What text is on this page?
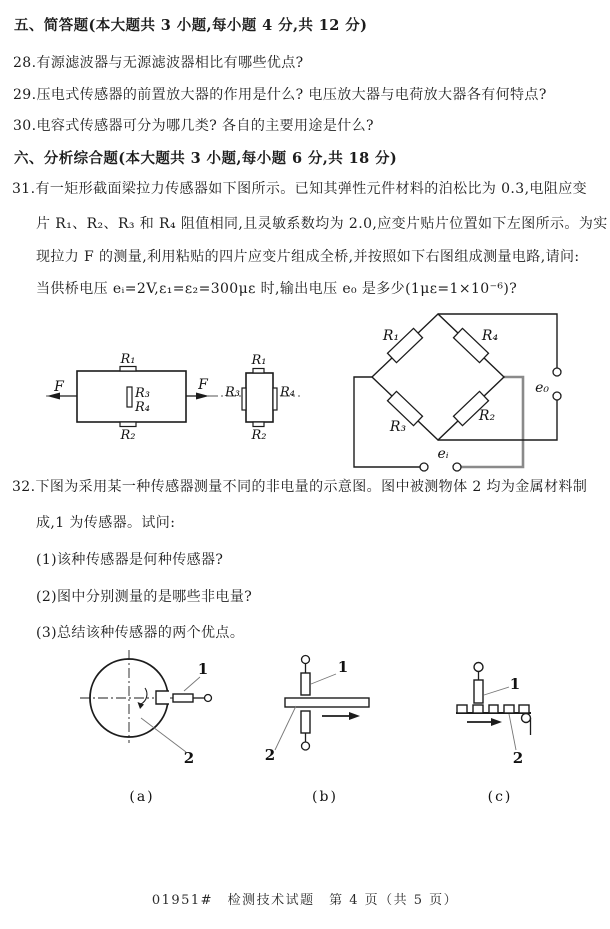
五、简答题(本大题共 3 小题,每小题 4 分,共 12 分)
28.有源滤波器与无源滤波器相比有哪些优点?
29.压电式传感器的前置放大器的作用是什么? 电压放大器与电荷放大器各有何特点?
30.电容式传感器可分为哪几类? 各自的主要用途是什么?
六、分析综合题(本大题共 3 小题,每小题 6 分,共 18 分)
31.有一矩形截面梁拉力传感器如下图所示。已知其弹性元件材料的泊松比为 0.3,电阻应变
片 R₁、R₂、R₃ 和 R₄ 阻值相同,且灵敏系数均为 2.0,应变片贴片位置如下左图所示。为实
现拉力 F 的测量,利用粘贴的四片应变片组成全桥,并按照如下右图组成测量电路,请问:
当供桥电压 eᵢ=2V,ε₁=ε₂=300με 时,输出电压 e₀ 是多少(1με=1×10⁻⁶)?
F	F
R₁
R₂
R₃
R₄
R₁
R₂
R₃	R₄
R₁	R₄
R₃
R₂
e₀
eᵢ
32.下图为采用某一种传感器测量不同的非电量的示意图。图中被测物体 2 均为金属材料制
成,1 为传感器。试问:
(1)该种传感器是何种传感器?
(2)图中分别测量的是哪些非电量?
(3)总结该种传感器的两个优点。
1
2
(a)
1
2
(b)
1
2
(c)
01951#　检测技术试题　第 4 页（共 5 页）
